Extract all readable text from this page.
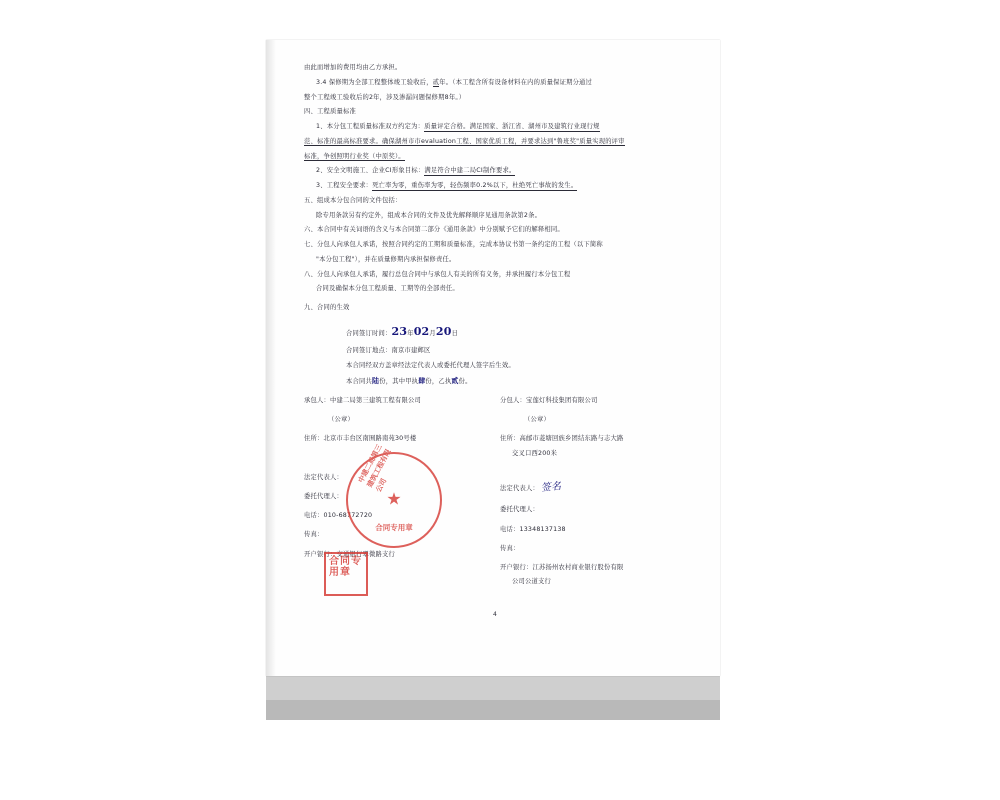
由此而增加的费用均由乙方承担。
3.4 保修期为全部工程整体竣工验收后，贰年。（本工程含所有设备材料在内的质量保证期分通过
整个工程竣工验收后的2年，涉及渗漏问题保修期8年。）
四、工程质量标准
1、本分包工程质量标准双方约定为：质量评定合格。满足国家、浙江省、湖州市及建筑行业现行规
范、标准的最高标准要求。确保湖州市市evaluation工程、国家优质工程，并要求达到"鲁班奖"质量实现的评审
标准，争创照明行业奖（中原奖）。
2、安全文明施工、企业CI形象目标：满足符合中建二局CI制作要求。
3、工程安全要求：死亡率为零，重伤率为零，轻伤频率0.2%以下，杜绝死亡事故的发生。
五、组成本分包合同的文件包括：
除专用条款另有约定外，组成本合同的文件及优先解释顺序见通用条款第2条。
六、本合同中有关词语的含义与本合同第二部分《通用条款》中分别赋予它们的解释相同。
七、分包人向承包人承诺，按照合同约定的工期和质量标准，完成本协议书第一条约定的工程（以下简称
"本分包工程"），并在质量修期内承担保修责任。
八、分包人向承包人承诺，履行总包合同中与承包人有关的所有义务，并承担履行本分包工程
合同及确保本分包工程质量、工期等的全部责任。
九、合同的生效
合同签订时间：23年02月20日
合同签订地点：南京市建邺区
本合同经双方盖章经法定代表人或委托代理人签字后生效。
本合同共陆份，其中甲执肆份，乙执贰份。
承包人：中建二局第三建筑工程有限公司
（公章）
住所：北京市丰台区南囿路南苑30号楼
法定代表人：
委托代理人：
电话：010-68772720
传真：
开户银行：交通银行翠微路支行
分包人：宝莲灯科技集团有限公司
（公章）
住所：高邮市菱塘回族乡团结东路与志大路
交叉口西200米
法定代表人： 签名
委托代理人：
电话：13348137138
传真：
开户银行：江苏扬州农村商业银行股份有限
公司公道支行
4
★
中建二局第三建筑工程有限公司
合同专用章
合同专用章
